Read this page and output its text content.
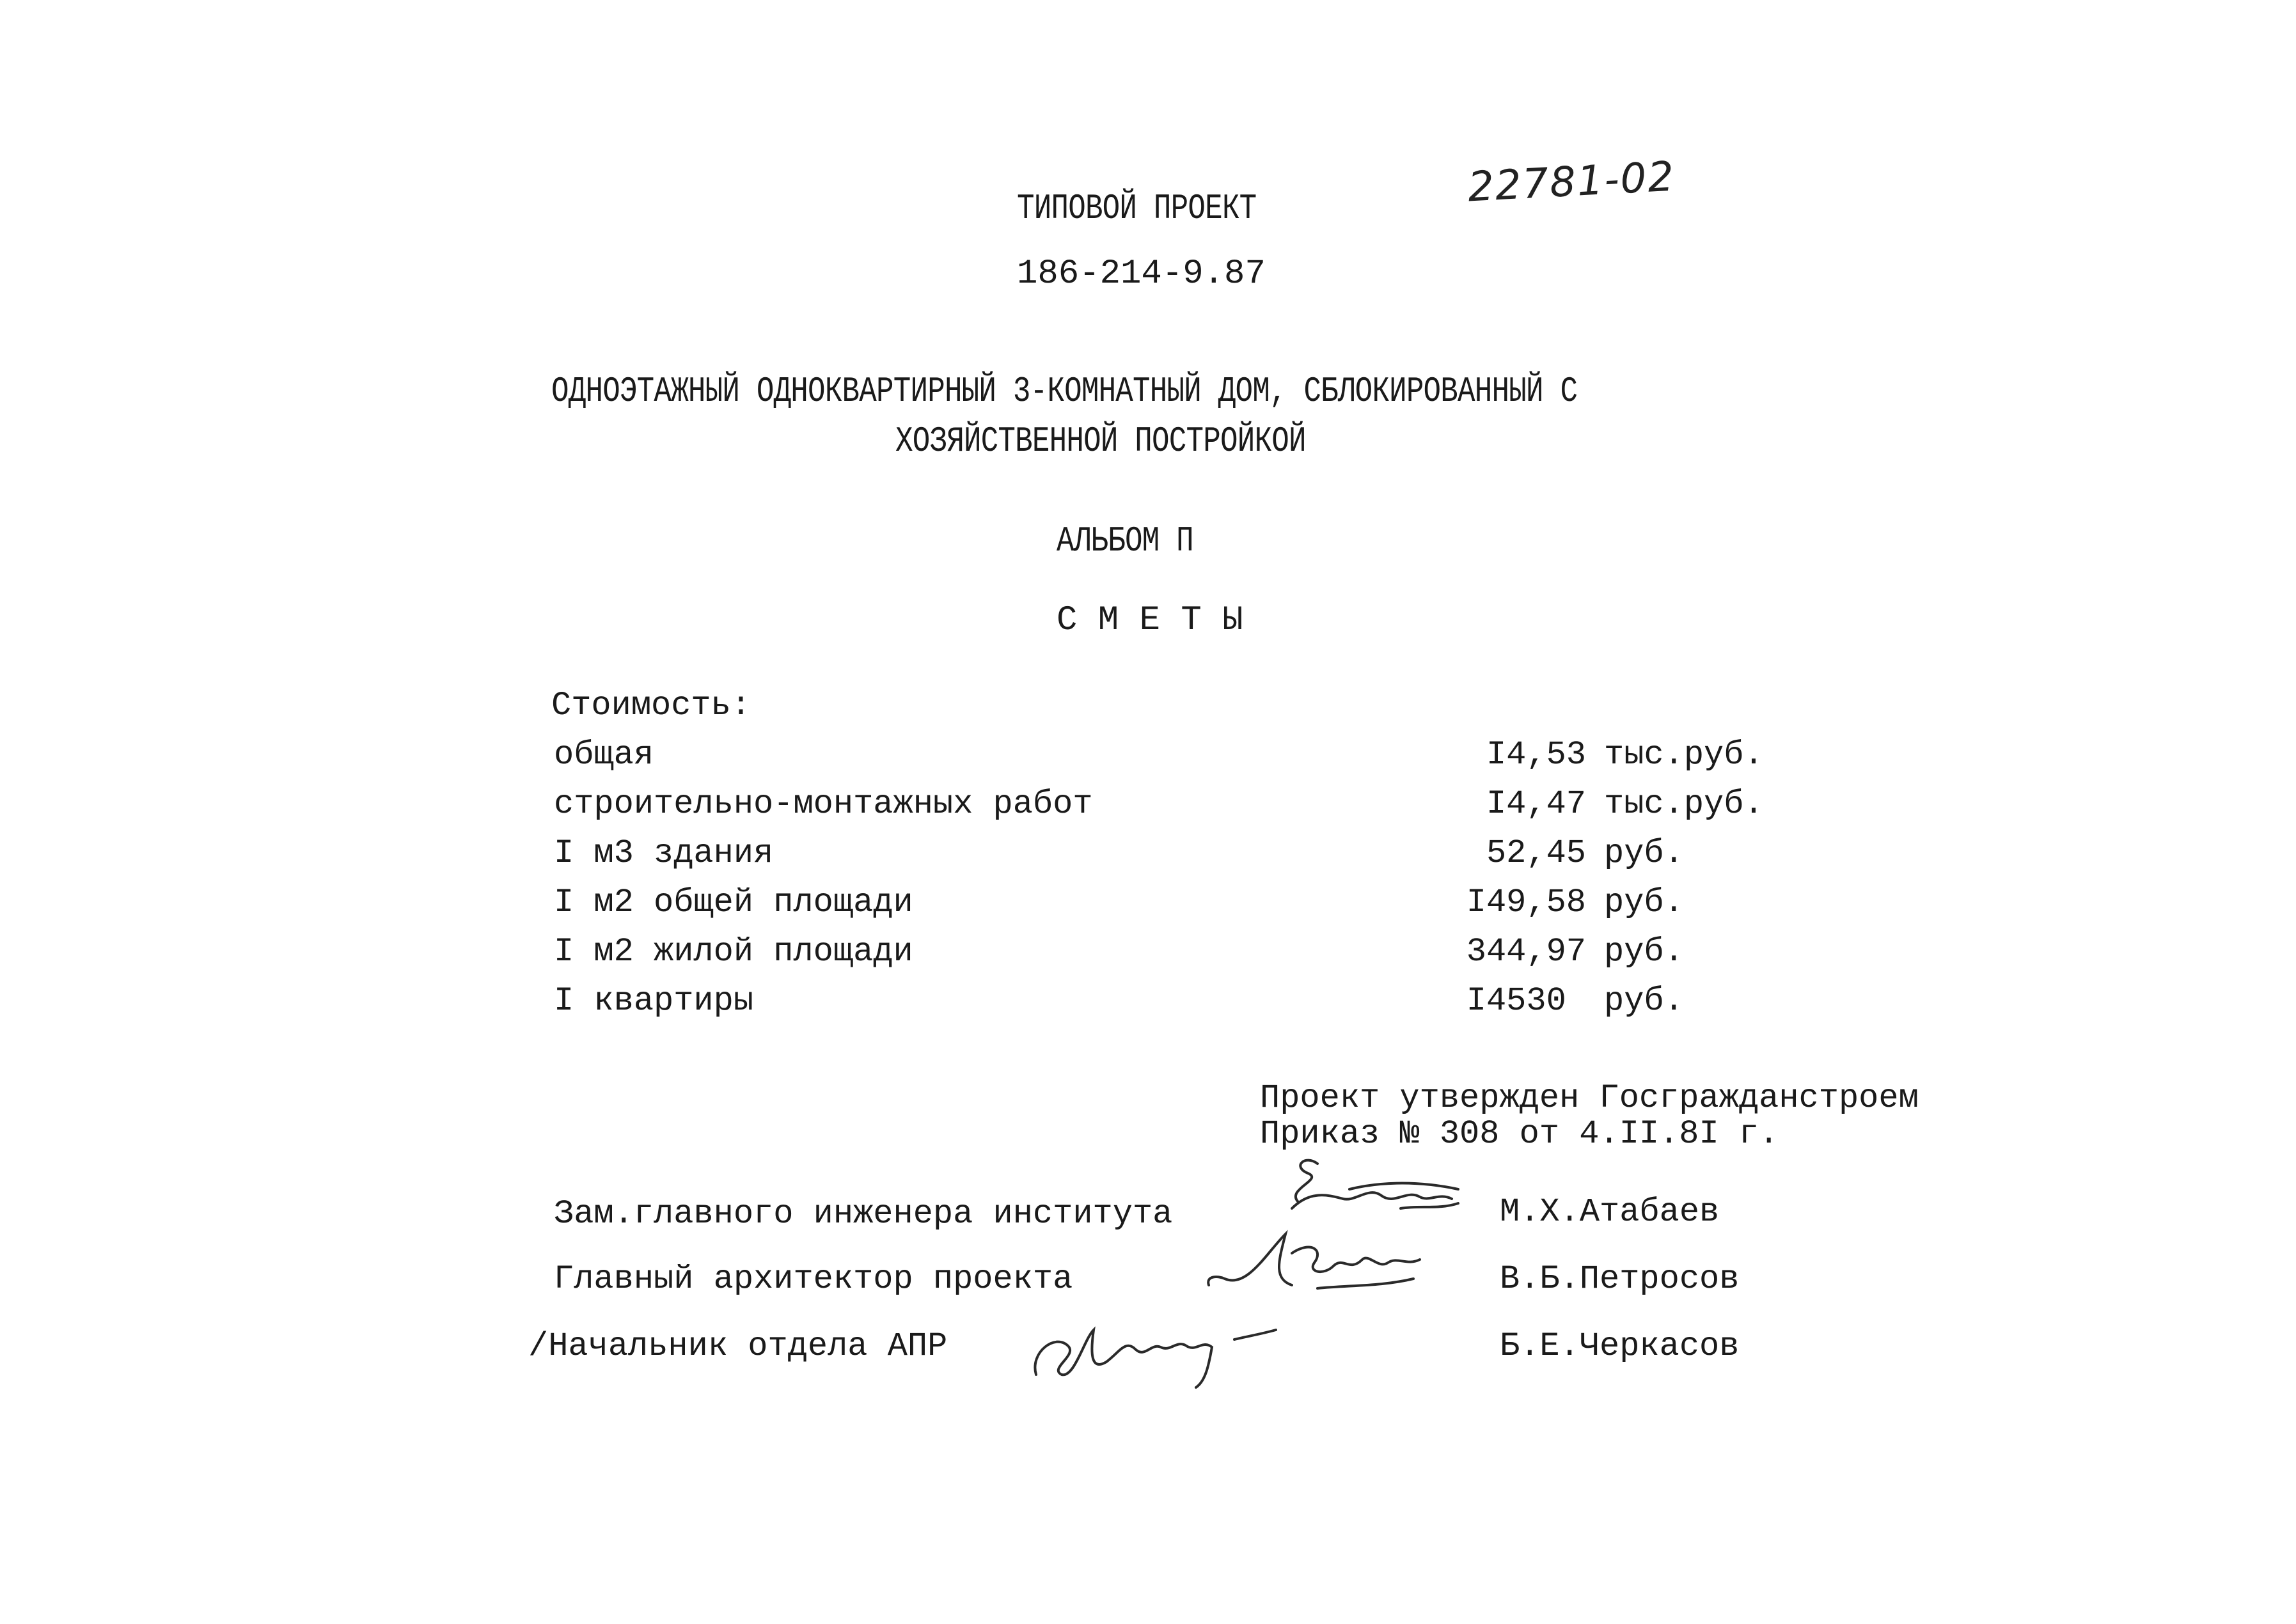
22781-02
ТИПОВОЙ ПРОЕКТ
186-214-9.87
ОДНОЭТАЖНЫЙ ОДНОКВАРТИРНЫЙ 3-КОМНАТНЫЙ ДОМ, СБЛОКИРОВАННЫЙ С
ХОЗЯЙСТВЕННОЙ ПОСТРОЙКОЙ
АЛЬБОМ П
С М Е Т Ы
Стоимость:
общая	I4,53 тыс.руб.
строительно-монтажных работ	I4,47 тыс.руб.
I м3 здания	52,45 руб.
I м2 общей площади	I49,58 руб.
I м2 жилой площади	344,97 руб.
I квартиры	I4530 руб.
Проект утвержден Госгражданстроем
Приказ № 308 от 4.II.8I г.
Зам.главного инженера института	М.Х.Атабаев
Главный архитектор проекта	В.Б.Петросов
/Начальник отдела АПР	Б.Е.Черкасов
